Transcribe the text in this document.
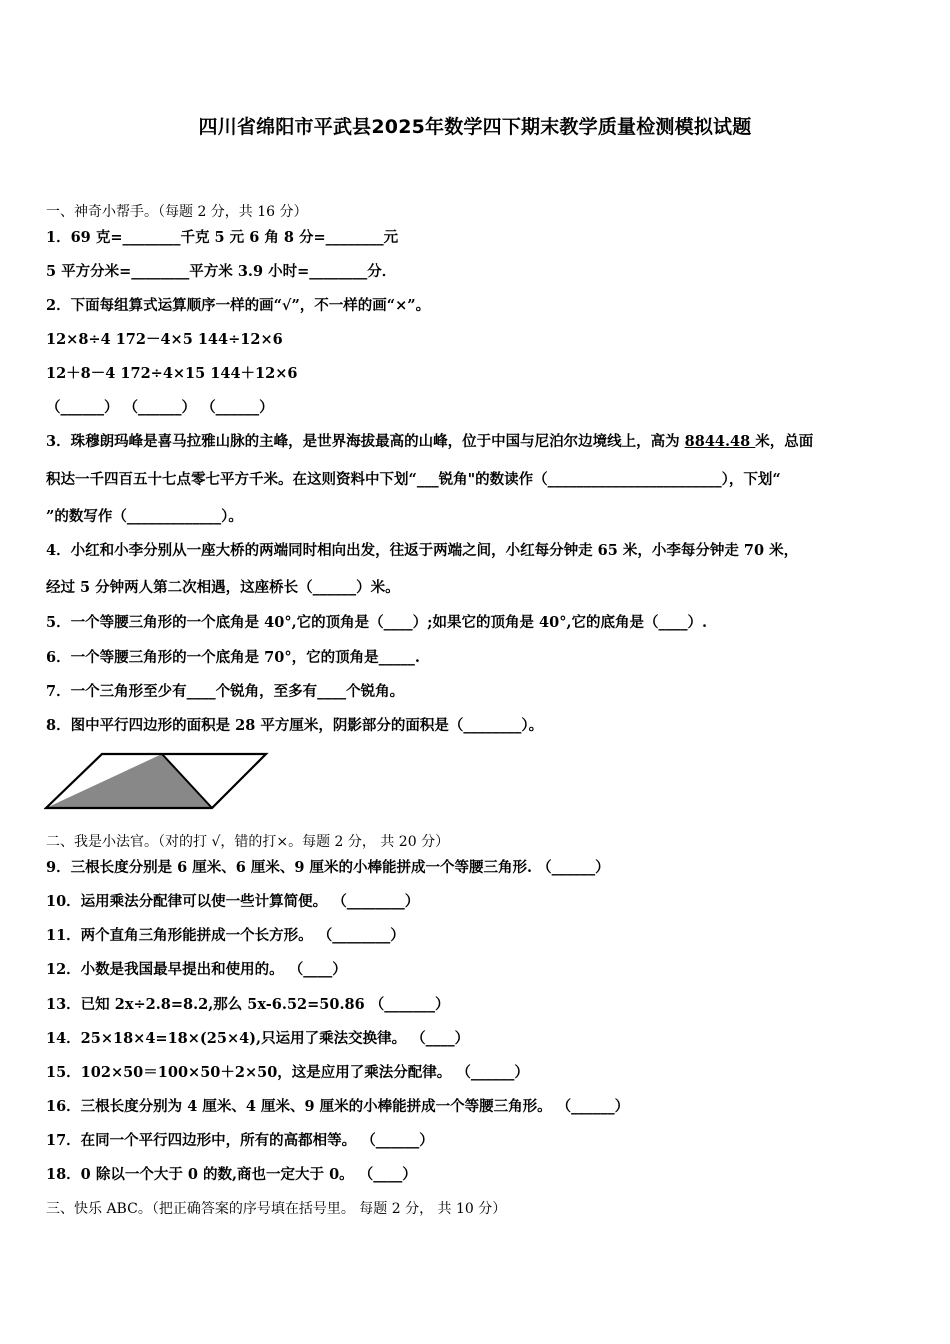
四川省绵阳市平武县2025年数学四下期末教学质量检测模拟试题
一、神奇小帮手。（每题 2 分，共 16 分）
1．69 克=________千克 5 元 6 角 8 分=________元
5 平方分米=________平方米 3.9 小时=________分．
2．下面每组算式运算顺序一样的画“√”，不一样的画“×”。
12×8÷4 172－4×5 144÷12×6
12＋8－4 172÷4×15 144＋12×6
（______） （______） （______）
3．珠穆朗玛峰是喜马拉雅山脉的主峰，是世界海拔最高的山峰，位于中国与尼泊尔边境线上，高为 8844.48 米，总面
积达一千四百五十七点零七平方千米。在这则资料中下划“___锐角"的数读作（________________________），下划“
”的数写作（_____________）。
4．小红和小李分别从一座大桥的两端同时相向出发，往返于两端之间，小红每分钟走 65 米，小李每分钟走 70 米，
经过 5 分钟两人第二次相遇，这座桥长（______）米。
5．一个等腰三角形的一个底角是 40°,它的顶角是（____）;如果它的顶角是 40°,它的底角是（____）.
6．一个等腰三角形的一个底角是 70°，它的顶角是_____.
7．一个三角形至少有____个锐角，至多有____个锐角。
8．图中平行四边形的面积是 28 平方厘米，阴影部分的面积是（________）。
二、我是小法官。（对的打 √，错的打×。每题 2 分， 共 20 分）
9．三根长度分别是 6 厘米、6 厘米、9 厘米的小棒能拼成一个等腰三角形. （______）
10．运用乘法分配律可以使一些计算简便。 （________）
11．两个直角三角形能拼成一个长方形。 （________）
12．小数是我国最早提出和使用的。 （____）
13．已知 2x÷2.8=8.2,那么 5x-6.52=50.86 （_______）
14．25×18×4=18×(25×4),只运用了乘法交换律。 （____）
15．102×50＝100×50＋2×50，这是应用了乘法分配律。 （______）
16．三根长度分别为 4 厘米、4 厘米、9 厘米的小棒能拼成一个等腰三角形。 （______）
17．在同一个平行四边形中，所有的高都相等。 （______）
18．0 除以一个大于 0 的数,商也一定大于 0。 （____）
三、快乐 ABC。（把正确答案的序号填在括号里。 每题 2 分， 共 10 分）
